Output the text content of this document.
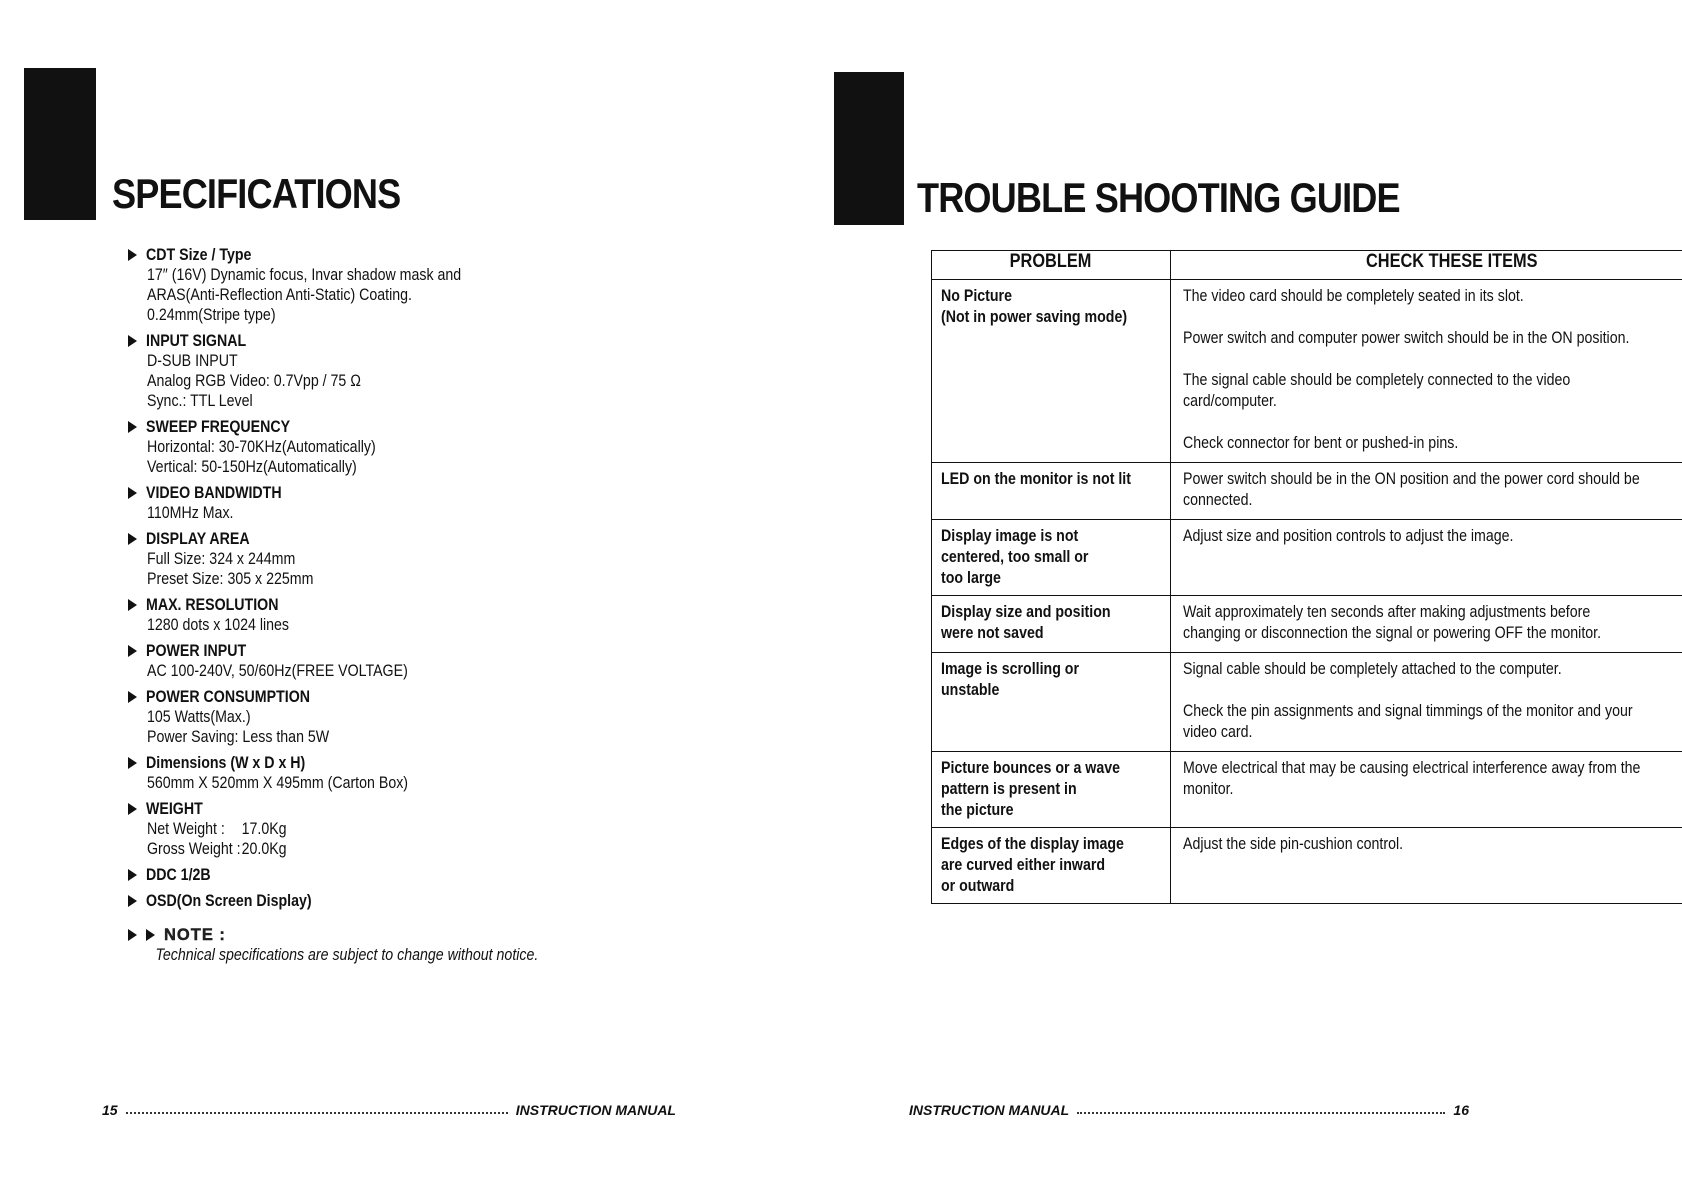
SPECIFICATIONS
CDT Size / Type
17″ (16V) Dynamic focus, Invar shadow mask and
ARAS(Anti-Reflection Anti-Static) Coating.
0.24mm(Stripe type)
INPUT SIGNAL
D-SUB INPUT
Analog RGB Video: 0.7Vpp / 75 Ω
Sync.: TTL Level
SWEEP FREQUENCY
Horizontal: 30-70KHz(Automatically)
Vertical: 50-150Hz(Automatically)
VIDEO BANDWIDTH
110MHz Max.
DISPLAY AREA
Full Size: 324 x 244mm
Preset Size: 305 x 225mm
MAX. RESOLUTION
1280 dots x 1024 lines
POWER INPUT
AC 100-240V, 50/60Hz(FREE VOLTAGE)
POWER CONSUMPTION
105 Watts(Max.)
Power Saving: Less than 5W
Dimensions (W x D x H)
560mm X 520mm X 495mm (Carton Box)
WEIGHT
Net Weight :	17.0Kg
Gross Weight : 20.0Kg
DDC 1/2B
OSD(On Screen Display)
NOTE :
Technical specifications are subject to change without notice.
15	INSTRUCTION MANUAL
TROUBLE SHOOTING GUIDE
PROBLEM	CHECK THESE ITEMS

No Picture
(Not in power saving mode)	The video card should be completely seated in its slot.
Power switch and computer power switch should be in the ON position.
The signal cable should be completely connected to the video card/computer.
Check connector for bent or pushed-in pins.

LED on the monitor is not lit	Power switch should be in the ON position and the power cord should be connected.

Display image is not
centered, too small or
too large	Adjust size and position controls to adjust the image.

Display size and position
were not saved	Wait approximately ten seconds after making adjustments before changing or disconnection the signal or powering OFF the monitor.

Image is scrolling or
unstable	Signal cable should be completely attached to the computer.
Check the pin assignments and signal timmings of the monitor and your video card.

Picture bounces or a wave
pattern is present in
the picture	Move electrical that may be causing electrical interference away from the monitor.

Edges of the display image
are curved either inward
or outward	Adjust the side pin-cushion control.
INSTRUCTION MANUAL	16
